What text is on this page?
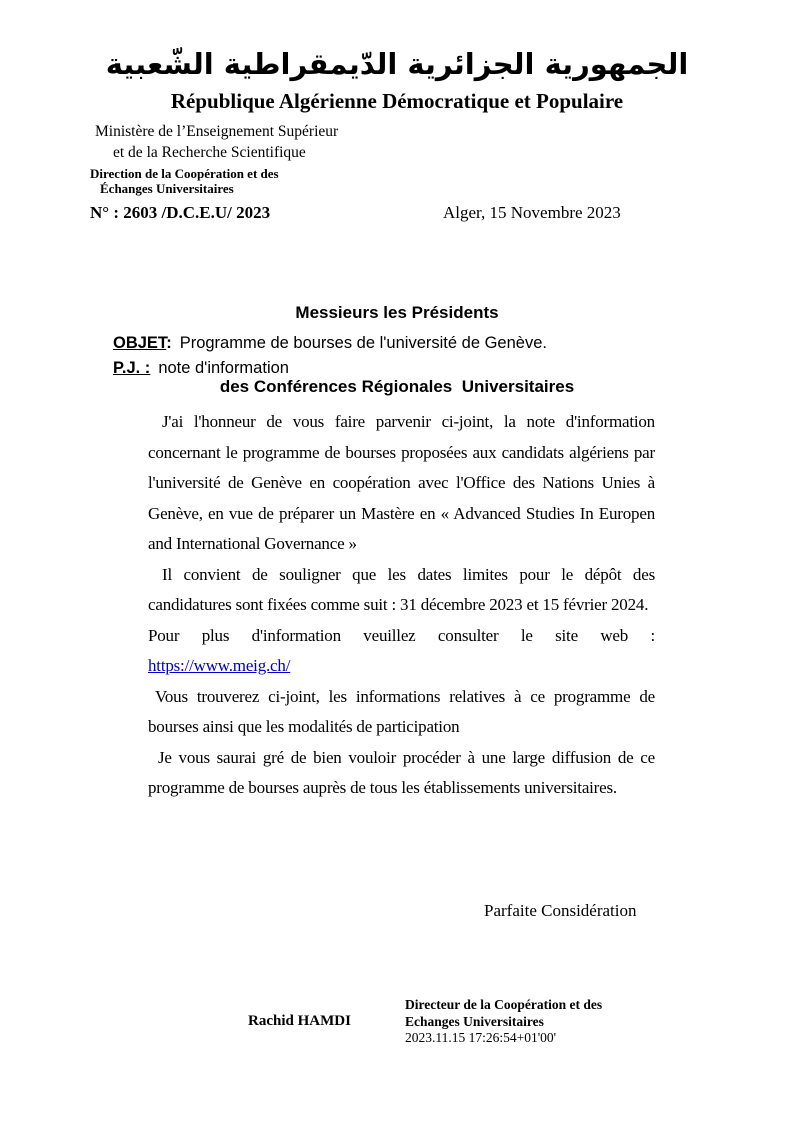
الجمهورية الجزائرية الدّيمقراطية الشّعبية
République Algérienne Démocratique et Populaire
Ministère de l’Enseignement Supérieur
et de la Recherche Scientifique
Direction de la Coopération et des
Échanges Universitaires
N° : 2603 /D.C.E.U/ 2023	Alger, 15 Novembre 2023

Messieurs les Présidents

des Conférences Régionales  Universitaires

OBJET: Programme de bourses de l'université de Genève.
P.J. : note d'information

J'ai l'honneur de vous faire parvenir ci-joint, la note d'information concernant le programme de bourses proposées aux candidats algériens par l'université de Genève en coopération avec l'Office des Nations Unies à Genève, en vue de préparer un Mastère en « Advanced Studies In Europen and International Governance »

Il convient de souligner que les dates limites pour le dépôt des candidatures sont fixées comme suit : 31 décembre 2023 et 15 février 2024.

Pour plus d'information veuillez consulter le site web :

https://www.meig.ch/

Vous trouverez ci-joint, les informations relatives à ce programme de bourses ainsi que les modalités de participation

Je vous saurai gré de bien vouloir procéder à une large diffusion de ce programme de bourses auprès de tous les établissements universitaires.

Parfaite Considération
Rachid HAMDI
Directeur de la Coopération et des
Echanges Universitaires
2023.11.15 17:26:54+01'00'
